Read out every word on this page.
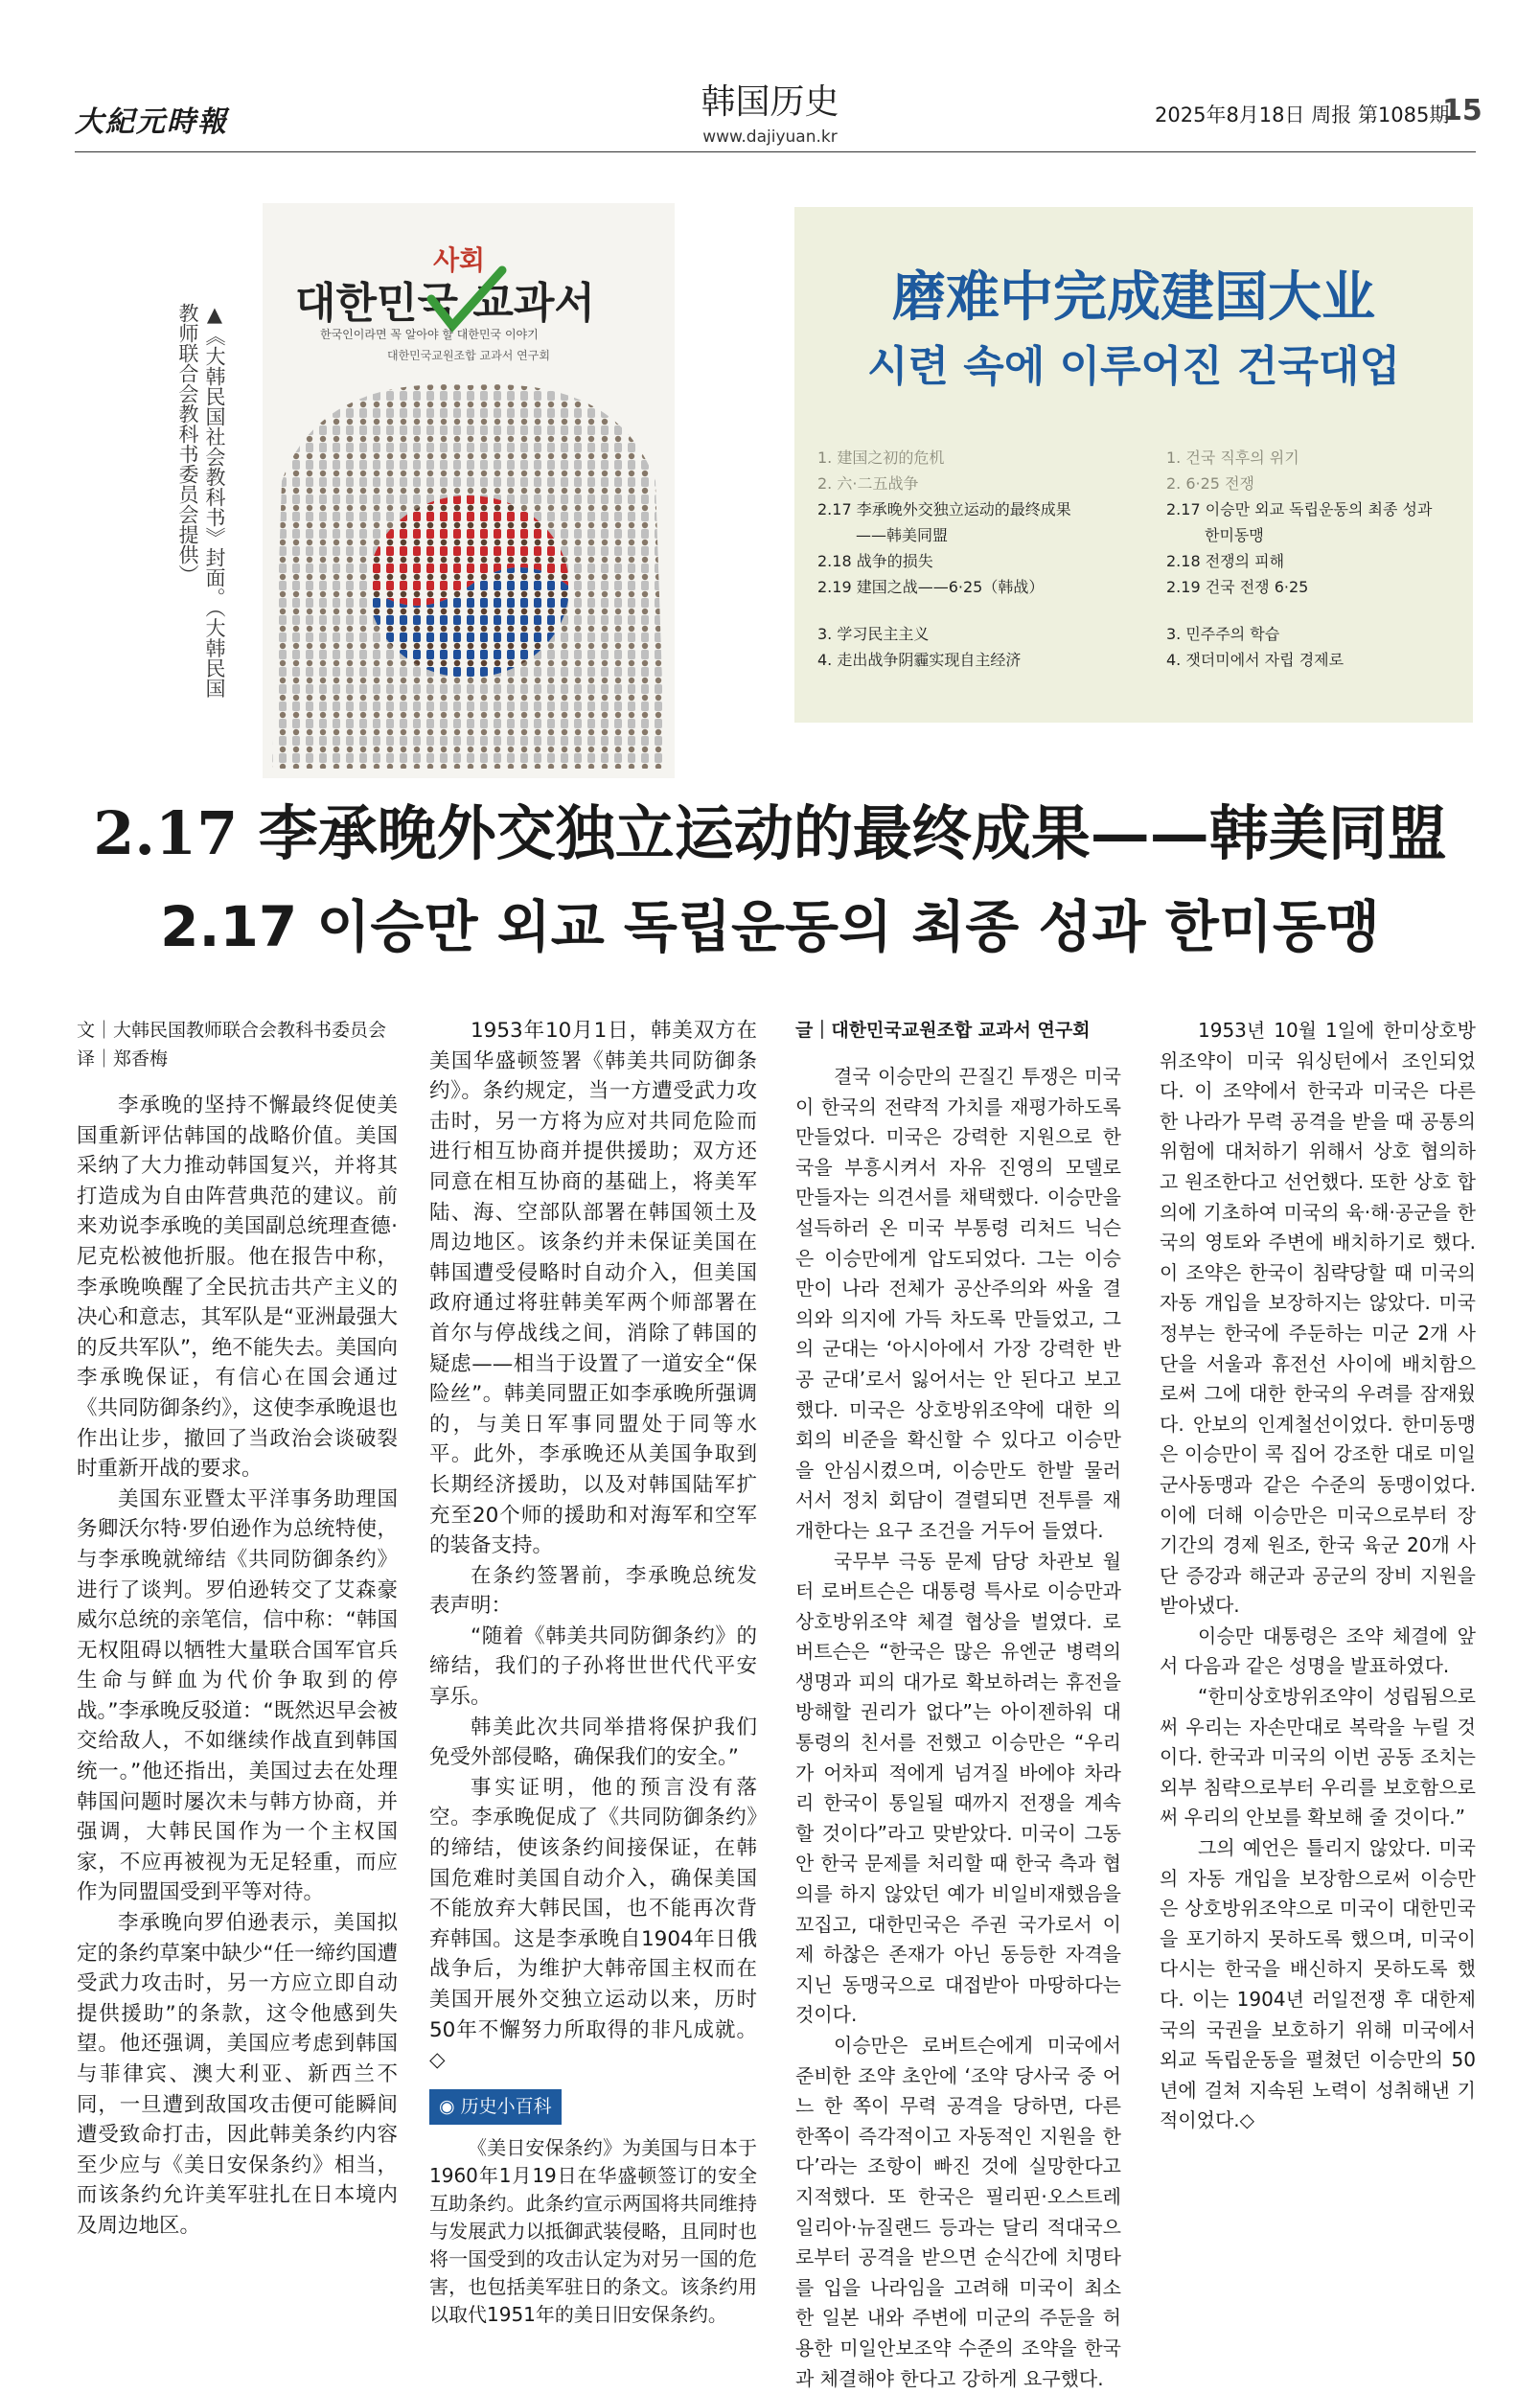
大紀元時報
韩国历史
www.dajiyuan.kr
2025年8月18日 周报 第1085期
15
대한민국 교과서
사회
한국인이라면 꼭 알아야 할 대한민국 이야기
대한민국교원조합 교과서 연구회
▲《大韩民国社会教科书》封面。（大韩民国教师联合会教科书委员会提供）
磨难中完成建国大业
시련 속에 이루어진 건국대업
1. 建国之初的危机
2. 六·二五战争
2.17 李承晚外交独立运动的最终成果
——韩美同盟
2.18 战争的损失
2.19 建国之战——6·25（韩战）
3. 学习民主主义
4. 走出战争阴霾实现自主经济
1. 건국 직후의 위기
2. 6·25 전쟁
2.17 이승만 외교 독립운동의 최종 성과
한미동맹
2.18 전쟁의 피해
2.19 건국 전쟁 6·25
3. 민주주의 학습
4. 잿더미에서 자립 경제로
2.17 李承晚外交独立运动的最终成果——韩美同盟
2.17 이승만 외교 독립운동의 최종 성과 한미동맹

文｜大韩民国教师联合会教科书委员会

译｜郑香梅

李承晚的坚持不懈最终促使美国重新评估韩国的战略价值。美国采纳了大力推动韩国复兴，并将其打造成为自由阵营典范的建议。前来劝说李承晚的美国副总统理查德·尼克松被他折服。他在报告中称，李承晚唤醒了全民抗击共产主义的决心和意志，其军队是“亚洲最强大的反共军队”，绝不能失去。美国向李承晚保证，有信心在国会通过《共同防御条约》，这使李承晚退也作出让步，撤回了当政治会谈破裂时重新开战的要求。

美国东亚暨太平洋事务助理国务卿沃尔特·罗伯逊作为总统特使，与李承晚就缔结《共同防御条约》进行了谈判。罗伯逊转交了艾森豪威尔总统的亲笔信，信中称：“韩国无权阻碍以牺牲大量联合国军官兵生命与鲜血为代价争取到的停战。”李承晚反驳道：“既然迟早会被交给敌人，不如继续作战直到韩国统一。”他还指出，美国过去在处理韩国问题时屡次未与韩方协商，并强调，大韩民国作为一个主权国家，不应再被视为无足轻重，而应作为同盟国受到平等对待。

李承晚向罗伯逊表示，美国拟定的条约草案中缺少“任一缔约国遭受武力攻击时，另一方应立即自动提供援助”的条款，这令他感到失望。他还强调，美国应考虑到韩国与菲律宾、澳大利亚、新西兰不同，一旦遭到敌国攻击便可能瞬间遭受致命打击，因此韩美条约内容至少应与《美日安保条约》相当，而该条约允许美军驻扎在日本境内及周边地区。

1953年10月1日，韩美双方在美国华盛顿签署《韩美共同防御条约》。条约规定，当一方遭受武力攻击时，另一方将为应对共同危险而进行相互协商并提供援助；双方还同意在相互协商的基础上，将美军陆、海、空部队部署在韩国领土及周边地区。该条约并未保证美国在韩国遭受侵略时自动介入，但美国政府通过将驻韩美军两个师部署在首尔与停战线之间，消除了韩国的疑虑——相当于设置了一道安全“保险丝”。韩美同盟正如李承晚所强调的，与美日军事同盟处于同等水平。此外，李承晚还从美国争取到长期经济援助，以及对韩国陆军扩充至20个师的援助和对海军和空军的装备支持。

在条约签署前，李承晚总统发表声明：

“随着《韩美共同防御条约》的缔结，我们的子孙将世世代代平安享乐。

韩美此次共同举措将保护我们免受外部侵略，确保我们的安全。”

事实证明，他的预言没有落空。李承晚促成了《共同防御条约》的缔结，使该条约间接保证，在韩国危难时美国自动介入，确保美国不能放弃大韩民国，也不能再次背弃韩国。这是李承晚自1904年日俄战争后，为维护大韩帝国主权而在美国开展外交独立运动以来，历时50年不懈努力所取得的非凡成就。◇

◉ 历史小百科

《美日安保条约》为美国与日本于1960年1月19日在华盛顿签订的安全互助条约。此条约宣示两国将共同维持与发展武力以抵御武装侵略，且同时也将一国受到的攻击认定为对另一国的危害，也包括美军驻日的条文。该条约用以取代1951年的美日旧安保条约。

글｜대한민국교원조합 교과서 연구회

결국 이승만의 끈질긴 투쟁은 미국이 한국의 전략적 가치를 재평가하도록 만들었다. 미국은 강력한 지원으로 한국을 부흥시켜서 자유 진영의 모델로 만들자는 의견서를 채택했다. 이승만을 설득하러 온 미국 부통령 리처드 닉슨은 이승만에게 압도되었다. 그는 이승만이 나라 전체가 공산주의와 싸울 결의와 의지에 가득 차도록 만들었고, 그의 군대는 ‘아시아에서 가장 강력한 반공 군대’로서 잃어서는 안 된다고 보고했다. 미국은 상호방위조약에 대한 의회의 비준을 확신할 수 있다고 이승만을 안심시켰으며, 이승만도 한발 물러서서 정치 회담이 결렬되면 전투를 재개한다는 요구 조건을 거두어 들였다.

국무부 극동 문제 담당 차관보 월터 로버트슨은 대통령 특사로 이승만과 상호방위조약 체결 협상을 벌였다. 로버트슨은 “한국은 많은 유엔군 병력의 생명과 피의 대가로 확보하려는 휴전을 방해할 권리가 없다”는 아이젠하워 대통령의 친서를 전했고 이승만은 “우리가 어차피 적에게 넘겨질 바에야 차라리 한국이 통일될 때까지 전쟁을 계속할 것이다”라고 맞받았다. 미국이 그동안 한국 문제를 처리할 때 한국 측과 협의를 하지 않았던 예가 비일비재했음을 꼬집고, 대한민국은 주권 국가로서 이제 하찮은 존재가 아닌 동등한 자격을 지닌 동맹국으로 대접받아 마땅하다는 것이다.

이승만은 로버트슨에게 미국에서 준비한 조약 초안에 ‘조약 당사국 중 어느 한 쪽이 무력 공격을 당하면, 다른 한쪽이 즉각적이고 자동적인 지원을 한다’라는 조항이 빠진 것에 실망한다고 지적했다. 또 한국은 필리핀·오스트레일리아·뉴질랜드 등과는 달리 적대국으로부터 공격을 받으면 순식간에 치명타를 입을 나라임을 고려해 미국이 최소한 일본 내와 주변에 미군의 주둔을 허용한 미일안보조약 수준의 조약을 한국과 체결해야 한다고 강하게 요구했다.

1953년 10월 1일에 한미상호방위조약이 미국 워싱턴에서 조인되었다. 이 조약에서 한국과 미국은 다른 한 나라가 무력 공격을 받을 때 공통의 위험에 대처하기 위해서 상호 협의하고 원조한다고 선언했다. 또한 상호 합의에 기초하여 미국의 육·해·공군을 한국의 영토와 주변에 배치하기로 했다. 이 조약은 한국이 침략당할 때 미국의 자동 개입을 보장하지는 않았다. 미국 정부는 한국에 주둔하는 미군 2개 사단을 서울과 휴전선 사이에 배치함으로써 그에 대한 한국의 우려를 잠재웠다. 안보의 인계철선이었다. 한미동맹은 이승만이 콕 집어 강조한 대로 미일군사동맹과 같은 수준의 동맹이었다. 이에 더해 이승만은 미국으로부터 장기간의 경제 원조, 한국 육군 20개 사단 증강과 해군과 공군의 장비 지원을 받아냈다.

이승만 대통령은 조약 체결에 앞서 다음과 같은 성명을 발표하였다.

“한미상호방위조약이 성립됨으로써 우리는 자손만대로 복락을 누릴 것이다. 한국과 미국의 이번 공동 조치는 외부 침략으로부터 우리를 보호함으로써 우리의 안보를 확보해 줄 것이다.”

그의 예언은 틀리지 않았다. 미국의 자동 개입을 보장함으로써 이승만은 상호방위조약으로 미국이 대한민국을 포기하지 못하도록 했으며, 미국이 다시는 한국을 배신하지 못하도록 했다. 이는 1904년 러일전쟁 후 대한제국의 국권을 보호하기 위해 미국에서 외교 독립운동을 펼쳤던 이승만의 50년에 걸쳐 지속된 노력이 성취해낸 기적이었다.◇
